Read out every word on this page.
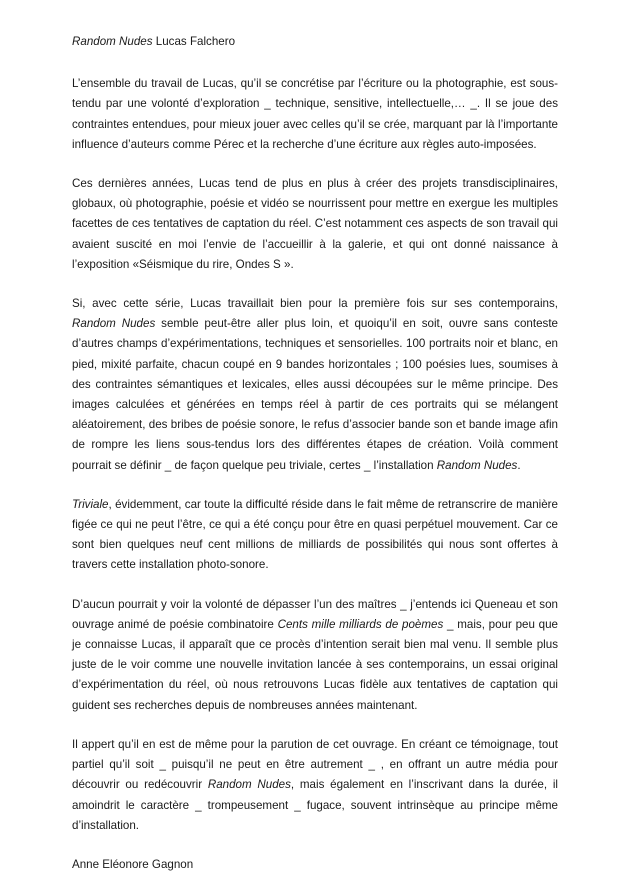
Random Nudes Lucas Falchero

L’ensemble du travail de Lucas, qu’il se concrétise par l’écriture ou la photographie, est sous-tendu par une volonté d’exploration _ technique, sensitive, intellectuelle,… _. Il se joue des contraintes entendues, pour mieux jouer avec celles qu’il se crée, marquant par là l’importante influence d’auteurs comme Pérec et la recherche d’une écriture aux règles auto-imposées.

Ces dernières années, Lucas tend de plus en plus à créer des projets transdisciplinaires, globaux, où photographie, poésie et vidéo se nourrissent pour mettre en exergue les multiples facettes de ces tentatives de captation du réel. C’est notamment ces aspects de son travail qui avaient suscité en moi l’envie de l’accueillir à la galerie, et qui ont donné naissance à l’exposition «Séismique du rire, Ondes S ».

Si, avec cette série, Lucas travaillait bien pour la première fois sur ses contemporains, Random Nudes semble peut-être aller plus loin, et quoiqu’il en soit, ouvre sans conteste d’autres champs d’expérimentations, techniques et sensorielles. 100 portraits noir et blanc, en pied, mixité parfaite, chacun coupé en 9 bandes horizontales ; 100 poésies lues, soumises à des contraintes sémantiques et lexicales, elles aussi découpées sur le même principe. Des images calculées et générées en temps réel à partir de ces portraits qui se mélangent aléatoirement, des bribes de poésie sonore, le refus d’associer bande son et bande image afin de rompre les liens sous-tendus lors des différentes étapes de création. Voilà comment pourrait se définir _ de façon quelque peu triviale, certes _ l’installation Random Nudes.

Triviale, évidemment, car toute la difficulté réside dans le fait même de retranscrire de manière figée ce qui ne peut l’être, ce qui a été conçu pour être en quasi perpétuel mouvement. Car ce sont bien quelques neuf cent millions de milliards de possibilités qui nous sont offertes à travers cette installation photo-sonore.

D’aucun pourrait y voir la volonté de dépasser l’un des maîtres _ j’entends ici Queneau et son ouvrage animé de poésie combinatoire Cents mille milliards de poèmes _ mais, pour peu que je connaisse Lucas, il apparaît que ce procès d’intention serait bien mal venu. Il semble plus juste de le voir comme une nouvelle invitation lancée à ses contemporains, un essai original d’expérimentation du réel, où nous retrouvons Lucas fidèle aux tentatives de captation qui guident ses recherches depuis de nombreuses années maintenant.

Il appert qu’il en est de même pour la parution de cet ouvrage. En créant ce témoignage, tout partiel qu’il soit _ puisqu’il ne peut en être autrement _ , en offrant un autre média pour découvrir ou redécouvrir Random Nudes, mais également en l’inscrivant dans la durée, il amoindrit le caractère _ trompeusement _ fugace, souvent intrinsèque au principe même d’installation.

Anne Eléonore Gagnon
